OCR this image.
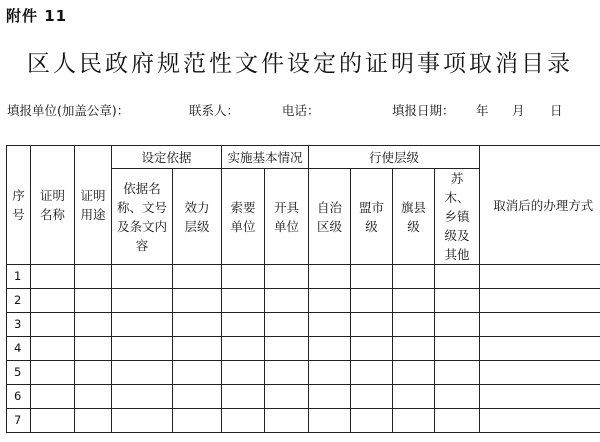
附件 11
区人民政府规范性文件设定的证明事项取消目录
填报单位(加盖公章)：	联系人：	电话：	填报日期： 年 月 日
序号	证明名称	证明用途	设定依据		实施基本情况		行使层级				取消后的办理方式

			依据名称、文号及条文内容	效力层级	索要单位	开具单位	自治区级	盟市级	旗县级	苏木、乡镇级及其他	

1											
2											
3											
4											
5											
6											
7											
